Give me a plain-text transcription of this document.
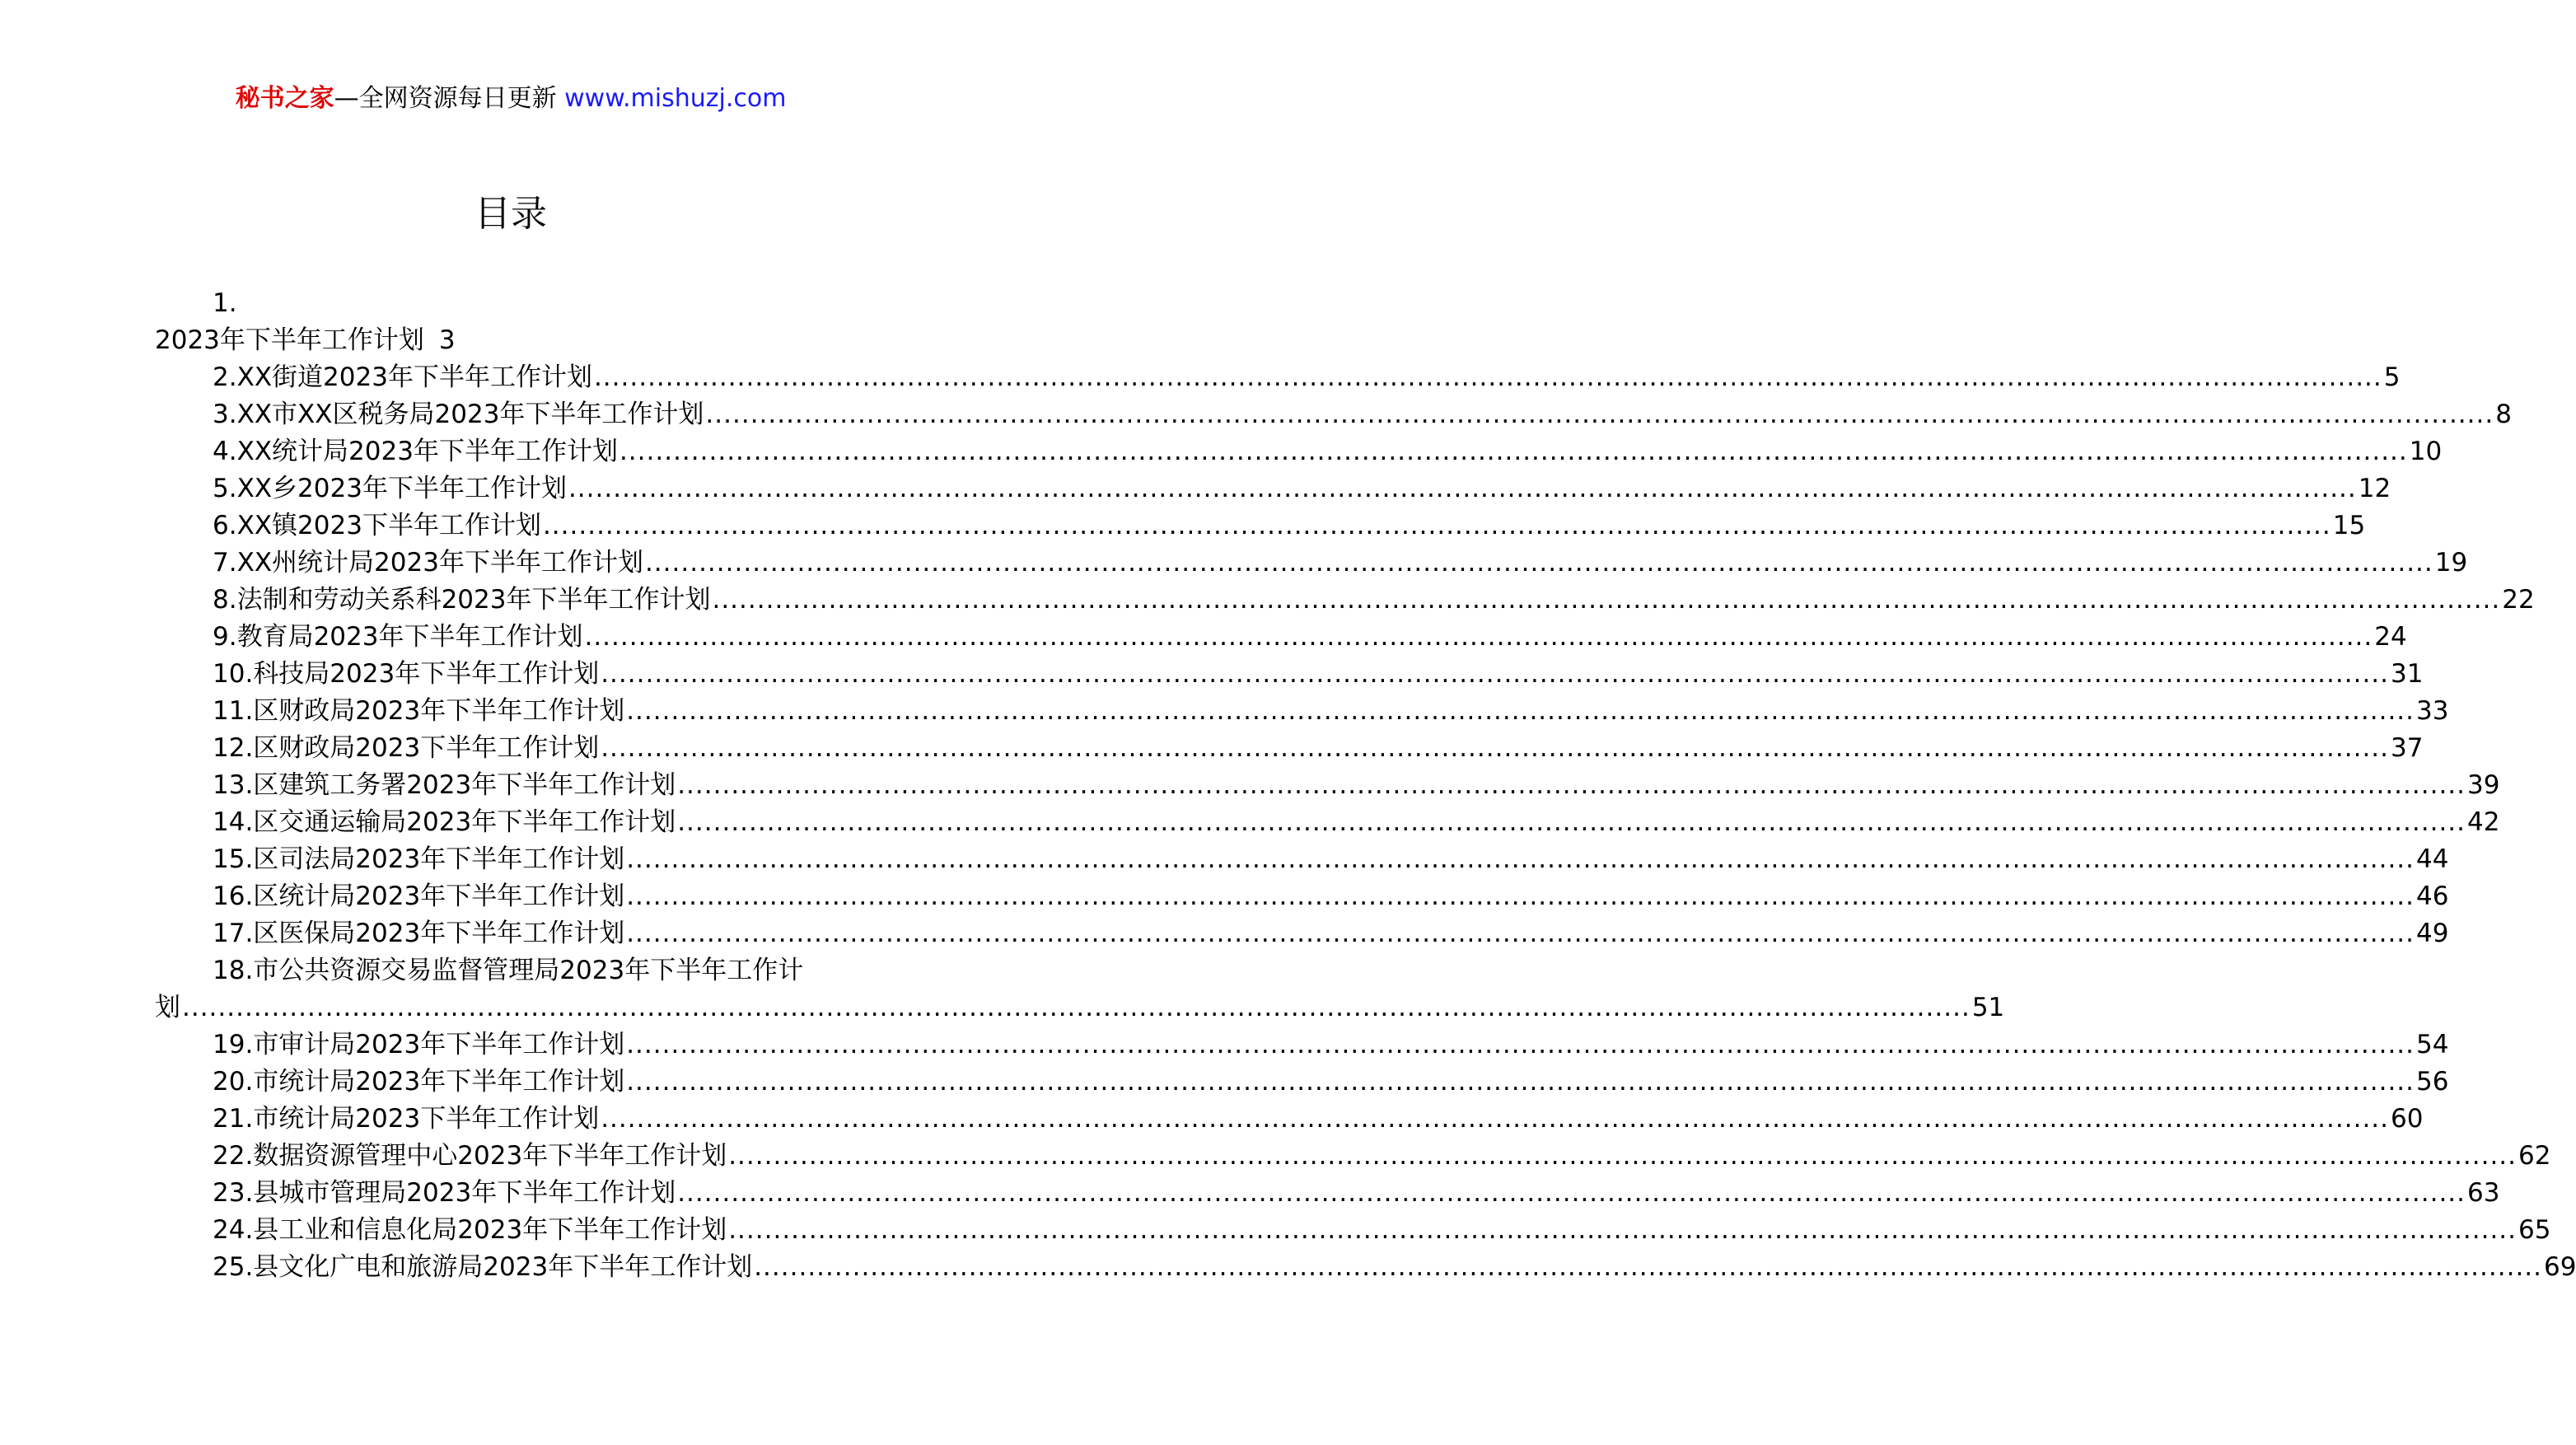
秘书之家—全网资源每日更新 www.mishuzj.com
目录
1.
2023年下半年工作计划 3
2.XX街道2023年下半年工作计划 ........................................................................................................................................................................................................ 5
3.XX市XX区税务局2023年下半年工作计划 ........................................................................................................................................................................................................ 8
4.XX统计局2023年下半年工作计划 ........................................................................................................................................................................................................ 10
5.XX乡2023年下半年工作计划 ........................................................................................................................................................................................................ 12
6.XX镇2023下半年工作计划 ........................................................................................................................................................................................................ 15
7.XX州统计局2023年下半年工作计划 ........................................................................................................................................................................................................ 19
8.法制和劳动关系科2023年下半年工作计划 ........................................................................................................................................................................................................ 22
9.教育局2023年下半年工作计划 ........................................................................................................................................................................................................ 24
10.科技局2023年下半年工作计划 ........................................................................................................................................................................................................ 31
11.区财政局2023年下半年工作计划 ........................................................................................................................................................................................................ 33
12.区财政局2023下半年工作计划 ........................................................................................................................................................................................................ 37
13.区建筑工务署2023年下半年工作计划 ........................................................................................................................................................................................................ 39
14.区交通运输局2023年下半年工作计划 ........................................................................................................................................................................................................ 42
15.区司法局2023年下半年工作计划 ........................................................................................................................................................................................................ 44
16.区统计局2023年下半年工作计划 ........................................................................................................................................................................................................ 46
17.区医保局2023年下半年工作计划 ........................................................................................................................................................................................................ 49
18.市公共资源交易监督管理局2023年下半年工作计
划 ........................................................................................................................................................................................................ 51
19.市审计局2023年下半年工作计划 ........................................................................................................................................................................................................ 54
20.市统计局2023年下半年工作计划 ........................................................................................................................................................................................................ 56
21.市统计局2023下半年工作计划 ........................................................................................................................................................................................................ 60
22.数据资源管理中心2023年下半年工作计划 ........................................................................................................................................................................................................ 62
23.县城市管理局2023年下半年工作计划 ........................................................................................................................................................................................................ 63
24.县工业和信息化局2023年下半年工作计划 ........................................................................................................................................................................................................ 65
25.县文化广电和旅游局2023年下半年工作计划 ........................................................................................................................................................................................................ 69
